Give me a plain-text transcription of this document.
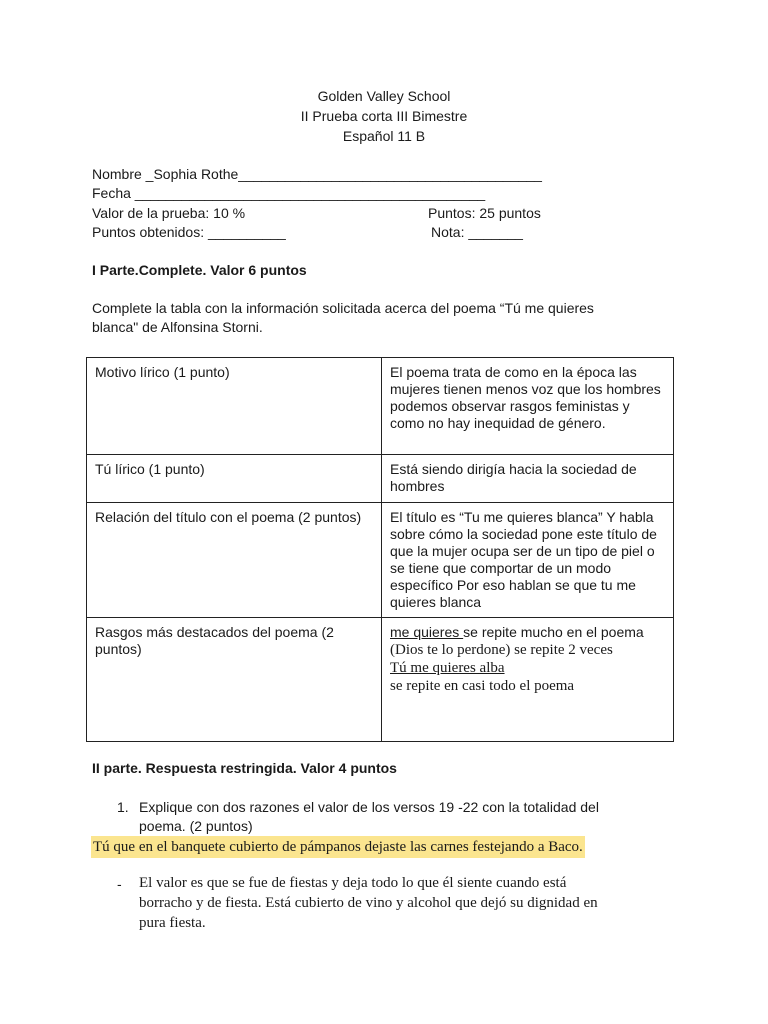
Golden Valley School
II Prueba corta III Bimestre
Español 11 B
Nombre _Sophia Rothe_______________________________________
Fecha _____________________________________________
Valor de la prueba: 10 %	Puntos: 25 puntos
Puntos obtenidos: __________	Nota: _______
I Parte.Complete. Valor 6 puntos
Complete la tabla con la información solicitada acerca del poema “Tú me quieres
blanca" de Alfonsina Storni.
Motivo lírico (1 punto)	El poema trata de como en la época las mujeres tienen menos voz que los hombres podemos observar rasgos feministas y como no hay inequidad de género.
Tú lírico (1 punto)	Está siendo dirigía hacia la sociedad de hombres
Relación del título con el poema (2 puntos)	El título es “Tu me quieres blanca” Y habla sobre cómo la sociedad pone este título de que la mujer ocupa ser de un tipo de piel o se tiene que comportar de un modo específico Por eso hablan se que tu me quieres blanca
Rasgos más destacados del poema (2 puntos)	me quieres se repite mucho en el poema
(Dios te lo perdone) se repite 2 veces
Tú me quieres alba
se repite en casi todo el poema
II parte. Respuesta restringida. Valor 4 puntos
1. Explique con dos razones el valor de los versos 19 -22 con la totalidad del
poema. (2 puntos)
Tú que en el banquete cubierto de pámpanos dejaste las carnes festejando a Baco.
- El valor es que se fue de fiestas y deja todo lo que él siente cuando está
borracho y de fiesta. Está cubierto de vino y alcohol que dejó su dignidad en
pura fiesta.
